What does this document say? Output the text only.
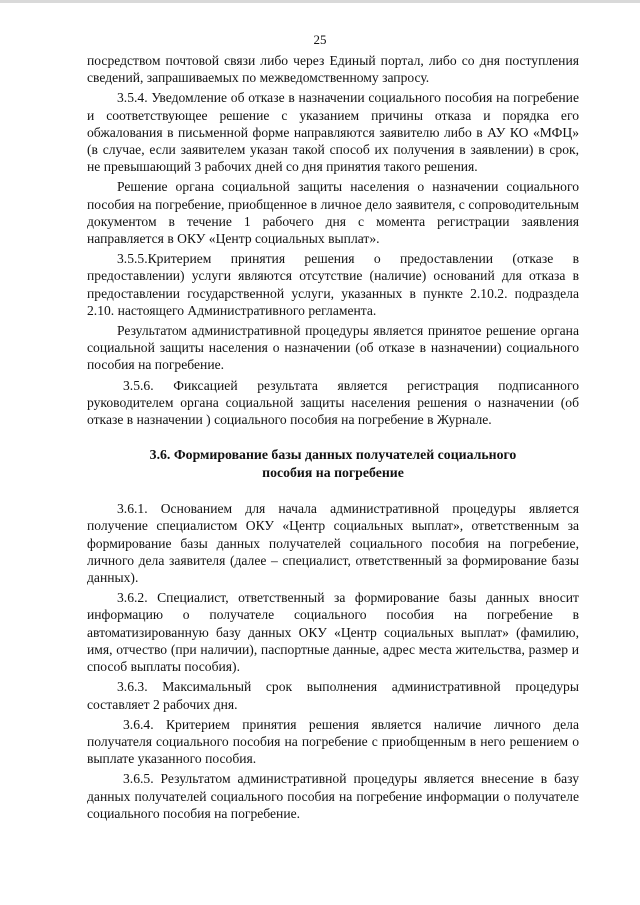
25

посредством почтовой связи либо через Единый портал, либо со дня поступления сведений, запрашиваемых по межведомственному запросу.

3.5.4. Уведомление об отказе в назначении социального пособия на погребение и соответствующее решение с указанием причины отказа и порядка его обжалования в письменной форме направляются заявителю либо в АУ КО «МФЦ» (в случае, если заявителем указан такой способ их получения в заявлении) в срок, не превышающий 3 рабочих дней со дня принятия такого решения.

Решение органа социальной защиты населения о назначении социального пособия на погребение, приобщенное в личное дело заявителя, с сопроводительным документом в течение 1 рабочего дня с момента регистрации заявления направляется в ОКУ «Центр социальных выплат».

3.5.5.Критерием принятия решения о предоставлении (отказе в предоставлении) услуги являются отсутствие (наличие) оснований для отказа в предоставлении государственной услуги, указанных в пункте 2.10.2. подраздела 2.10. настоящего Административного регламента.

Результатом административной процедуры является принятое решение органа социальной защиты населения о назначении (об отказе в назначении) социального пособия на погребение.

3.5.6. Фиксацией результата является регистрация подписанного руководителем органа социальной защиты населения решения о назначении (об отказе в назначении ) социального пособия на погребение в Журнале.

3.6. Формирование базы данных получателей социального
пособия на погребение

3.6.1. Основанием для начала административной процедуры является получение специалистом ОКУ «Центр социальных выплат», ответственным за формирование базы данных получателей социального пособия на погребение, личного дела заявителя (далее – специалист, ответственный за формирование базы данных).

3.6.2. Специалист, ответственный за формирование базы данных вносит информацию о получателе социального пособия на погребение в автоматизированную базу данных ОКУ «Центр социальных выплат» (фамилию, имя, отчество (при наличии), паспортные данные, адрес места жительства, размер и способ выплаты пособия).

3.6.3. Максимальный срок выполнения административной процедуры составляет 2 рабочих дня.

3.6.4. Критерием принятия решения является наличие личного дела получателя социального пособия на погребение с приобщенным в него решением о выплате указанного пособия.

3.6.5. Результатом административной процедуры является внесение в базу данных получателей социального пособия на погребение информации о получателе социального пособия на погребение.
